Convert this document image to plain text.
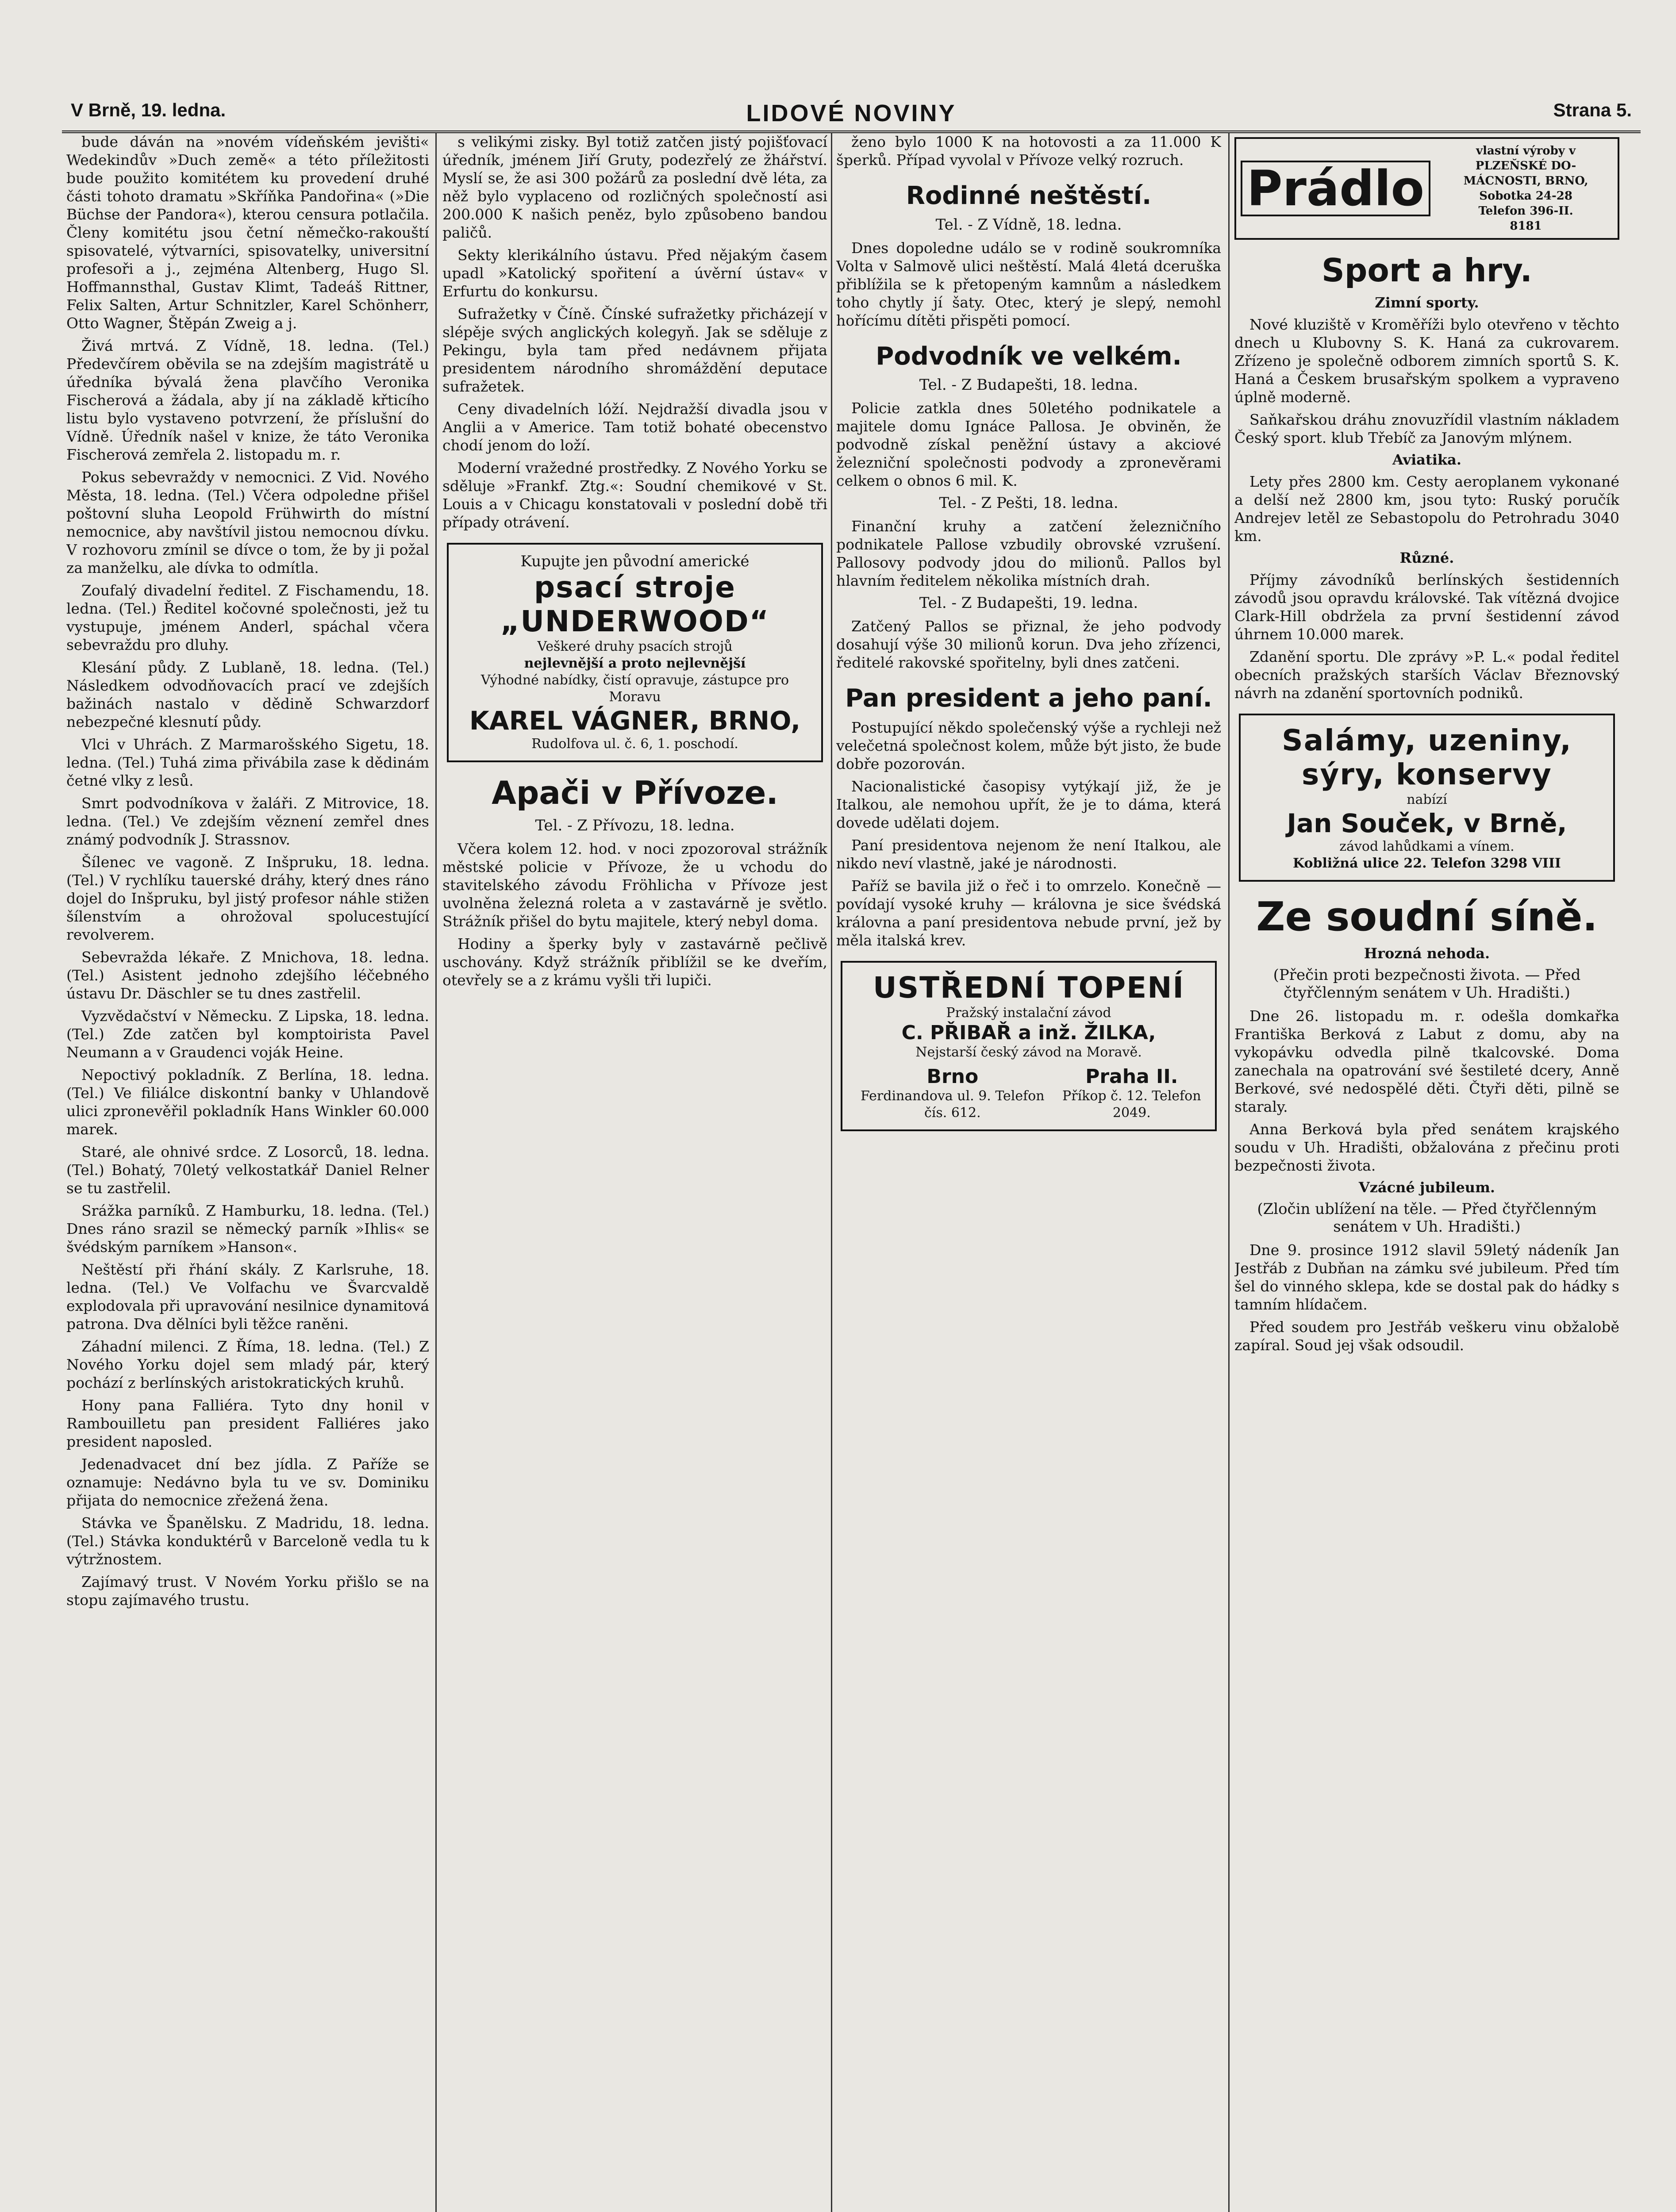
V Brně, 19. ledna.	LIDOVÉ NOVINY	Strana 5.

bude dáván na »novém vídeňském jevišti« Wedekindův »Duch země« a této příležitosti bude použito komitétem ku provedení druhé části tohoto dramatu »Skříňka Pandořina« (»Die Büchse der Pandora«), kterou censura potlačila. Členy komitétu jsou četní němečko-rakouští spisovatelé, výtvarníci, spisovatelky, universitní profesoři a j., zejména Altenberg, Hugo Sl. Hoffmannsthal, Gustav Klimt, Tadeáš Rittner, Felix Salten, Artur Schnitzler, Karel Schönherr, Otto Wagner, Štěpán Zweig a j.

Živá mrtvá. Z Vídně, 18. ledna. (Tel.) Předevčírem oběvila se na zdejším magistrátě u úředníka bývalá žena plavčího Veronika Fischerová a žádala, aby jí na základě křticího listu bylo vystaveno potvrzení, že příslušní do Vídně. Úředník našel v knize, že táto Veronika Fischerová zemřela 2. listopadu m. r.

Pokus sebevraždy v nemocnici. Z Vid. Nového Města, 18. ledna. (Tel.) Včera odpoledne přišel poštovní sluha Leopold Frühwirth do místní nemocnice, aby navštívil jistou nemocnou dívku. V rozhovoru zmínil se dívce o tom, že by ji požal za manželku, ale dívka to odmítla.

Zoufalý divadelní ředitel. Z Fischamendu, 18. ledna. (Tel.) Ředitel kočovné společnosti, jež tu vystupuje, jménem Anderl, spáchal včera sebevraždu pro dluhy.

Klesání půdy. Z Lublaně, 18. ledna. (Tel.) Následkem odvodňovacích prací ve zdejších bažinách nastalo v dědině Schwarzdorf nebezpečné klesnutí půdy.

Vlci v Uhrách. Z Marmarošského Sigetu, 18. ledna. (Tel.) Tuhá zima přivábila zase k dědinám četné vlky z lesů.

Smrt podvodníkova v žaláři. Z Mitrovice, 18. ledna. (Tel.) Ve zdejším věznení zemřel dnes známý podvodník J. Strassnov.

Šílenec ve vagoně. Z Inšpruku, 18. ledna. (Tel.) V rychlíku tauerské dráhy, který dnes ráno dojel do Inšpruku, byl jistý profesor náhle stižen šílenstvím a ohrožoval spolucestující revolverem.

Sebevražda lékaře. Z Mnichova, 18. ledna. (Tel.) Asistent jednoho zdejšího léčebného ústavu Dr. Däschler se tu dnes zastřelil.

Vyzvědačství v Německu. Z Lipska, 18. ledna. (Tel.) Zde zatčen byl komptoirista Pavel Neumann a v Graudenci voják Heine.

Nepoctivý pokladník. Z Berlína, 18. ledna. (Tel.) Ve filiálce diskontní banky v Uhlandově ulici zpronevěřil pokladník Hans Winkler 60.000 marek.

Staré, ale ohnivé srdce. Z Losorců, 18. ledna. (Tel.) Bohatý, 70letý velkostatkář Daniel Relner se tu zastřelil.

Srážka parníků. Z Hamburku, 18. ledna. (Tel.) Dnes ráno srazil se německý parník »Ihlis« se švédským parníkem »Hanson«.

Neštěstí při řhání skály. Z Karlsruhe, 18. ledna. (Tel.) Ve Volfachu ve Švarcvaldě explodovala při upravování nesilnice dynamitová patrona. Dva dělníci byli těžce raněni.

Záhadní milenci. Z Říma, 18. ledna. (Tel.) Z Nového Yorku dojel sem mladý pár, který pochází z berlínských aristokratických kruhů.

Hony pana Falliéra. Tyto dny honil v Rambouilletu pan president Falliéres jako president naposled.

Jedenadvacet dní bez jídla. Z Paříže se oznamuje: Nedávno byla tu ve sv. Dominiku přijata do nemocnice zřežená žena.

Stávka ve Španělsku. Z Madridu, 18. ledna. (Tel.) Stávka konduktérů v Barceloně vedla tu k výtržnostem.

Zajímavý trust. V Novém Yorku přišlo se na stopu zajímavého trustu.

s velikými zisky. Byl totiž zatčen jistý pojišťovací úředník, jménem Jiří Gruty, podezřelý ze žhářství. Myslí se, že asi 300 požárů za poslední dvě léta, za něž bylo vyplaceno od rozličných společností asi 200.000 K našich peněz, bylo způsobeno bandou paličů.

Sekty klerikálního ústavu. Před nějakým časem upadl »Katolický spořitení a úvěrní ústav« v Erfurtu do konkursu.

Sufražetky v Číně. Čínské sufražetky přicházejí v slépěje svých anglických kolegyň. Jak se sděluje z Pekingu, byla tam před nedávnem přijata presidentem národního shromáždění deputace sufražetek.

Ceny divadelních lóží. Nejdražší divadla jsou v Anglii a v Americe. Tam totiž bohaté obecenstvo chodí jenom do loží.

Moderní vražedné prostředky. Z Nového Yorku se sděluje »Frankf. Ztg.«: Soudní chemikové v St. Louis a v Chicagu konstatovali v poslední době tři případy otrávení.

Kupujte jen původní americké
psací stroje „UNDERWOOD“
Veškeré druhy psacích strojů
nejlevnější a proto nejlevnější
Výhodné nabídky, čistí opravuje, zástupce pro Moravu
KAREL VÁGNER, BRNO,
Rudolfova ul. č. 6, 1. poschodí.
Apači v Přívoze.
Tel. - Z Přívozu, 18. ledna.

Včera kolem 12. hod. v noci zpozoroval strážník městské policie v Přívoze, že u vchodu do stavitelského závodu Fröhlicha v Přívoze jest uvolněna železná roleta a v zastavárně je světlo. Strážník přišel do bytu majitele, který nebyl doma.

Hodiny a šperky byly v zastavárně pečlivě uschovány. Když strážník přiblížil se ke dveřím, otevřely se a z krámu vyšli tři lupiči.

ženo bylo 1000 K na hotovosti a za 11.000 K šperků. Případ vyvolal v Přívoze velký rozruch.

Rodinné neštěstí.
Tel. - Z Vídně, 18. ledna.

Dnes dopoledne událo se v rodině soukromníka Volta v Salmově ulici neštěstí. Malá 4letá dceruška přiblížila se k přetopeným kamnům a následkem toho chytly jí šaty. Otec, který je slepý, nemohl hořícímu dítěti přispěti pomocí.

Podvodník ve velkém.
Tel. - Z Budapešti, 18. ledna.

Policie zatkla dnes 50letého podnikatele a majitele domu Ignáce Pallosa. Je obviněn, že podvodně získal peněžní ústavy a akciové železniční společnosti podvody a zpronevěrami celkem o obnos 6 mil. K.

Tel. - Z Pešti, 18. ledna.

Finanční kruhy a zatčení železničního podnikatele Pallose vzbudily obrovské vzrušení. Pallosovy podvody jdou do milionů. Pallos byl hlavním ředitelem několika místních drah.

Tel. - Z Budapešti, 19. ledna.

Zatčený Pallos se přiznal, že jeho podvody dosahují výše 30 milionů korun. Dva jeho zřízenci, ředitelé rakovské spořitelny, byli dnes zatčeni.

Pan president a jeho paní.

Postupující někdo společenský výše a rychleji než velečetná společnost kolem, může být jisto, že bude dobře pozorován.

Nacionalistické časopisy vytýkají již, že je Italkou, ale nemohou upřít, že je to dáma, která dovede udělati dojem.

Paní presidentova nejenom že není Italkou, ale nikdo neví vlastně, jaké je národnosti.

Paříž se bavila již o řeč i to omrzelo. Konečně — povídají vysoké kruhy — královna je sice švédská královna a paní presidentova nebude první, jež by měla italská krev.

USTŘEDNÍ TOPENÍ
Pražský instalační závod
C. PŘIBAŘ a inž. ŽILKA,
Nejstarší český závod na Moravě.
Brno
Ferdinandova ul. 9. Telefon čís. 612.
Praha II.
Příkop č. 12. Telefon 2049.
Prádlo
vlastní výroby v PLZEŇSKÉ DO-
MÁCNOSTI, BRNO, Sobotka 24-28
Telefon 396-II.
8181
Sport a hry.
Zimní sporty.

Nové kluziště v Kroměříži bylo otevřeno v těchto dnech u Klubovny S. K. Haná za cukrovarem. Zřízeno je společně odborem zimních sportů S. K. Haná a Českem brusařským spolkem a vypraveno úplně moderně.

Saňkařskou dráhu znovuzřídil vlastním nákladem Český sport. klub Třebíč za Janovým mlýnem.

Aviatika.

Lety přes 2800 km. Cesty aeroplanem vykonané a delší než 2800 km, jsou tyto: Ruský poručík Andrejev letěl ze Sebastopolu do Petrohradu 3040 km.

Různé.

Příjmy závodníků berlínských šestidenních závodů jsou opravdu královské. Tak vítězná dvojice Clark-Hill obdržela za první šestidenní závod úhrnem 10.000 marek.

Zdanění sportu. Dle zprávy »P. L.« podal ředitel obecních pražských starších Václav Březnovský návrh na zdanění sportovních podniků.

Salámy, uzeniny,
sýry, konservy
nabízí
Jan Souček, v Brně,
závod lahůdkami a vínem.
Kobližná ulice 22. Telefon 3298 VIII
Ze soudní síně.
Hrozná nehoda.
(Přečin proti bezpečnosti života. — Před čtyřčlenným senátem v Uh. Hradišti.)

Dne 26. listopadu m. r. odešla domkařka Františka Berková z Labut z domu, aby na vykopávku odvedla pilně tkalcovské. Doma zanechala na opatrování své šestileté dcery, Anně Berkové, své nedospělé děti. Čtyři děti, pilně se staraly.

Anna Berková byla před senátem krajského soudu v Uh. Hradišti, obžalována z přečinu proti bezpečnosti života.

Vzácné jubileum.
(Zločin ublížení na těle. — Před čtyřčlenným senátem v Uh. Hradišti.)

Dne 9. prosince 1912 slavil 59letý nádeník Jan Jestřáb z Dubňan na zámku své jubileum. Před tím šel do vinného sklepa, kde se dostal pak do hádky s tamním hlídačem.

Před soudem pro Jestřáb veškeru vinu obžalobě zapíral. Soud jej však odsoudil.
